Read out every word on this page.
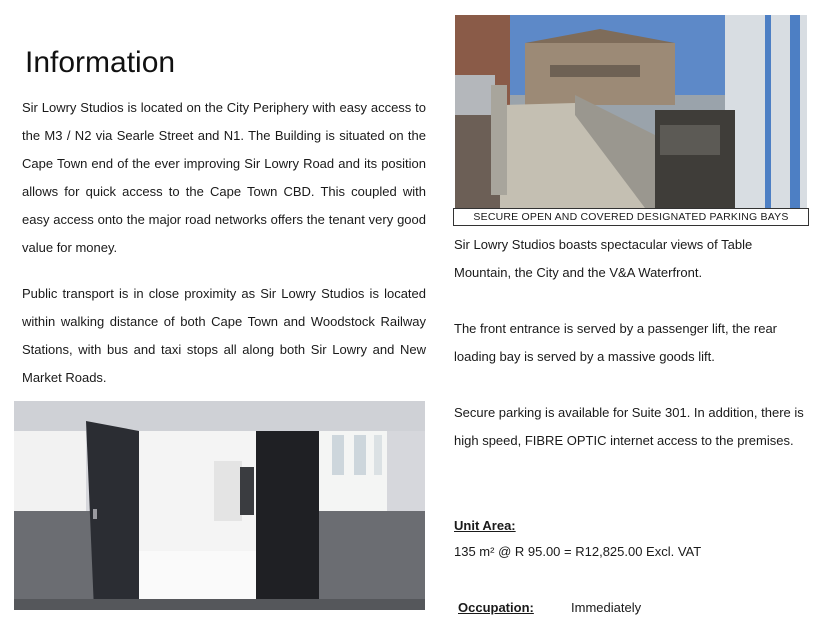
Information
Sir Lowry Studios is located on the City Periphery with easy access to the M3 / N2 via Searle Street and N1. The Building is situated on the Cape Town end of the ever improving Sir Lowry Road and its position allows for quick access to the Cape Town CBD. This coupled with easy access onto the major road networks offers the tenant very good value for money.
Public transport is in close proximity as Sir Lowry Studios is located within walking distance of both Cape Town and Woodstock Railway Stations, with bus and taxi stops all along both Sir Lowry and New Market Roads.
SECURE OPEN AND COVERED DESIGNATED PARKING BAYS
Sir Lowry Studios boasts spectacular views of Table Mountain, the City and the V&A Waterfront.
The front entrance is served by a passenger lift, the rear loading bay is served by a massive goods lift.
Secure parking is available for Suite 301. In addition, there is high speed, FIBRE OPTIC internet access to the premises.
Unit Area:
135 m² @ R 95.00 = R12,825.00 Excl. VAT
Occupation:	Immediately
